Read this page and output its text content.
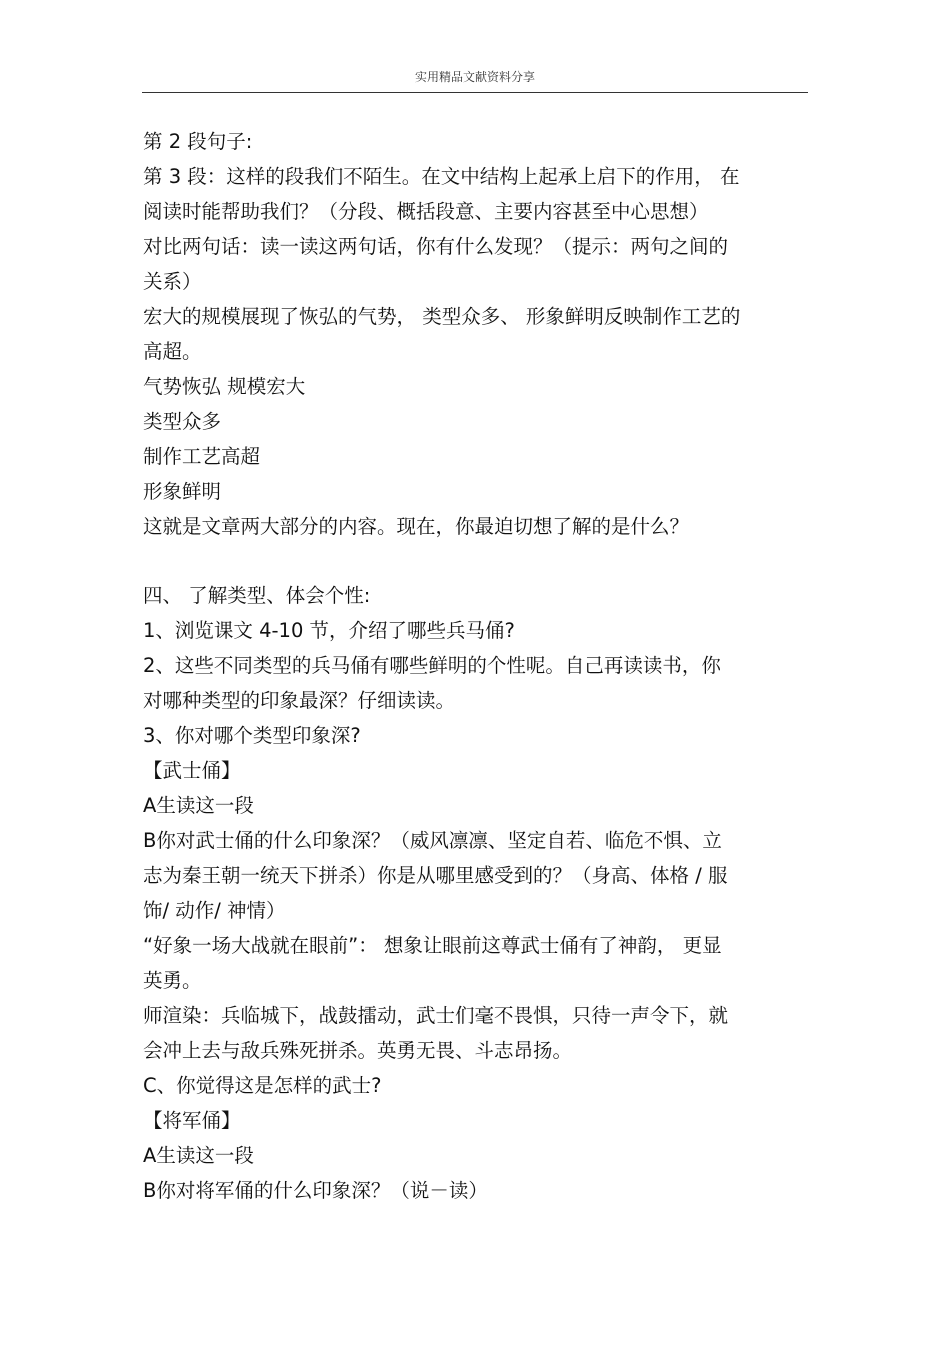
实用精品文献资料分享
第 2 段句子:
第 3 段：这样的段我们不陌生。在文中结构上起承上启下的作用， 在
阅读时能帮助我们？（分段、概括段意、主要内容甚至中心思想）
对比两句话：读一读这两句话，你有什么发现？（提示：两句之间的
关系）
宏大的规模展现了恢弘的气势， 类型众多、 形象鲜明反映制作工艺的
高超。
气势恢弘 规模宏大
类型众多
制作工艺高超
形象鲜明
这就是文章两大部分的内容。现在，你最迫切想了解的是什么？
四、 了解类型、体会个性:
1、浏览课文 4-10 节，介绍了哪些兵马俑?
2、这些不同类型的兵马俑有哪些鲜明的个性呢。自己再读读书，你
对哪种类型的印象最深？仔细读读。
3、你对哪个类型印象深?
【武士俑】
A生读这一段
B你对武士俑的什么印象深？（威风凛凛、坚定自若、临危不惧、立
志为秦王朝一统天下拼杀）你是从哪里感受到的？（身高、体格 / 服
饰/ 动作/ 神情）
“好象一场大战就在眼前”： 想象让眼前这尊武士俑有了神韵， 更显
英勇。
师渲染：兵临城下，战鼓擂动，武士们毫不畏惧，只待一声令下，就
会冲上去与敌兵殊死拼杀。英勇无畏、斗志昂扬。
C、你觉得这是怎样的武士?
【将军俑】
A生读这一段
B你对将军俑的什么印象深？（说－读）
